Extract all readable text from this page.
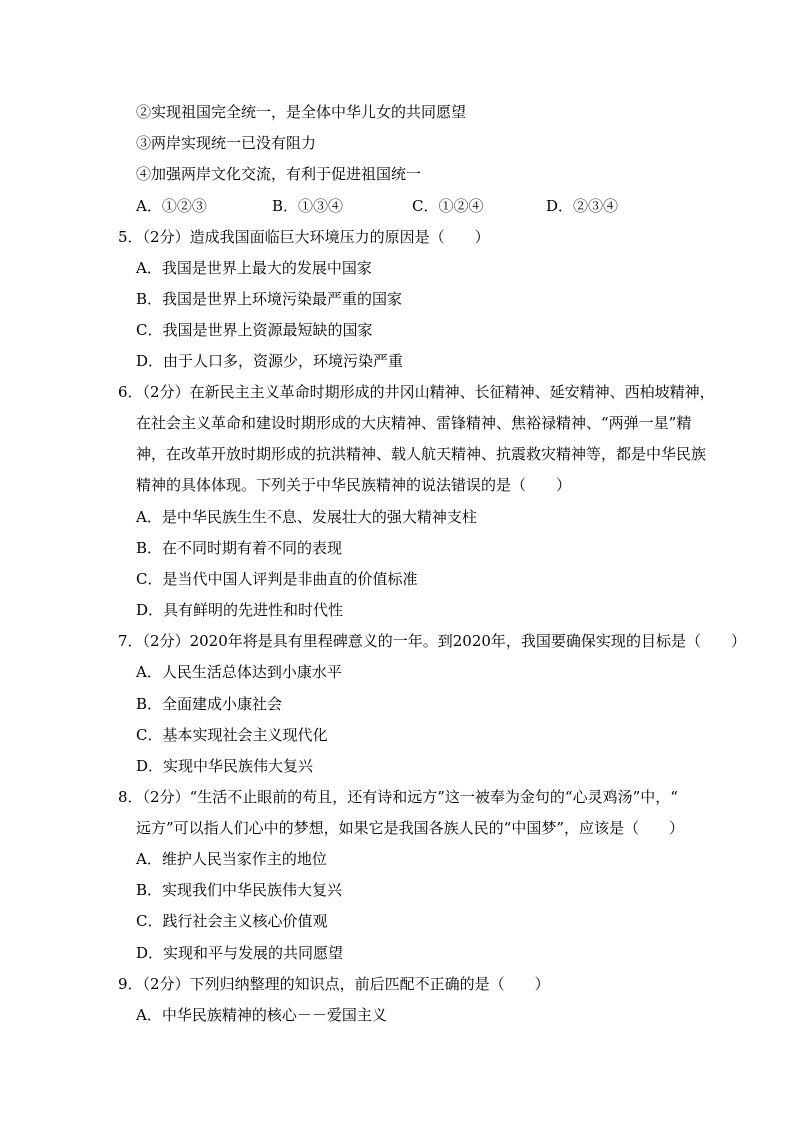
②实现祖国完全统一，是全体中华儿女的共同愿望
③两岸实现统一已没有阻力
④加强两岸文化交流，有利于促进祖国统一
A．①②③	B．①③④	C．①②④	D．②③④
5．（2分）造成我国面临巨大环境压力的原因是（　　）
A．我国是世界上最大的发展中国家
B．我国是世界上环境污染最严重的国家
C．我国是世界上资源最短缺的国家
D．由于人口多，资源少，环境污染严重
6．（2分）在新民主主义革命时期形成的井冈山精神、长征精神、延安精神、西柏坡精神，
在社会主义革命和建设时期形成的大庆精神、雷锋精神、焦裕禄精神、“两弹一星”精
神，在改革开放时期形成的抗洪精神、载人航天精神、抗震救灾精神等，都是中华民族
精神的具体体现。下列关于中华民族精神的说法错误的是（　　）
A．是中华民族生生不息、发展壮大的强大精神支柱
B．在不同时期有着不同的表现
C．是当代中国人评判是非曲直的价值标准
D．具有鲜明的先进性和时代性
7．（2分）2020年将是具有里程碑意义的一年。到2020年，我国要确保实现的目标是（　　）
A．人民生活总体达到小康水平
B．全面建成小康社会
C．基本实现社会主义现代化
D．实现中华民族伟大复兴
8．（2分）“生活不止眼前的苟且，还有诗和远方”这一被奉为金句的“心灵鸡汤”中，“
远方”可以指人们心中的梦想，如果它是我国各族人民的“中国梦”，应该是（　　）
A．维护人民当家作主的地位
B．实现我们中华民族伟大复兴
C．践行社会主义核心价值观
D．实现和平与发展的共同愿望
9．（2分）下列归纳整理的知识点，前后匹配不正确的是（　　）
A．中华民族精神的核心－－爱国主义
